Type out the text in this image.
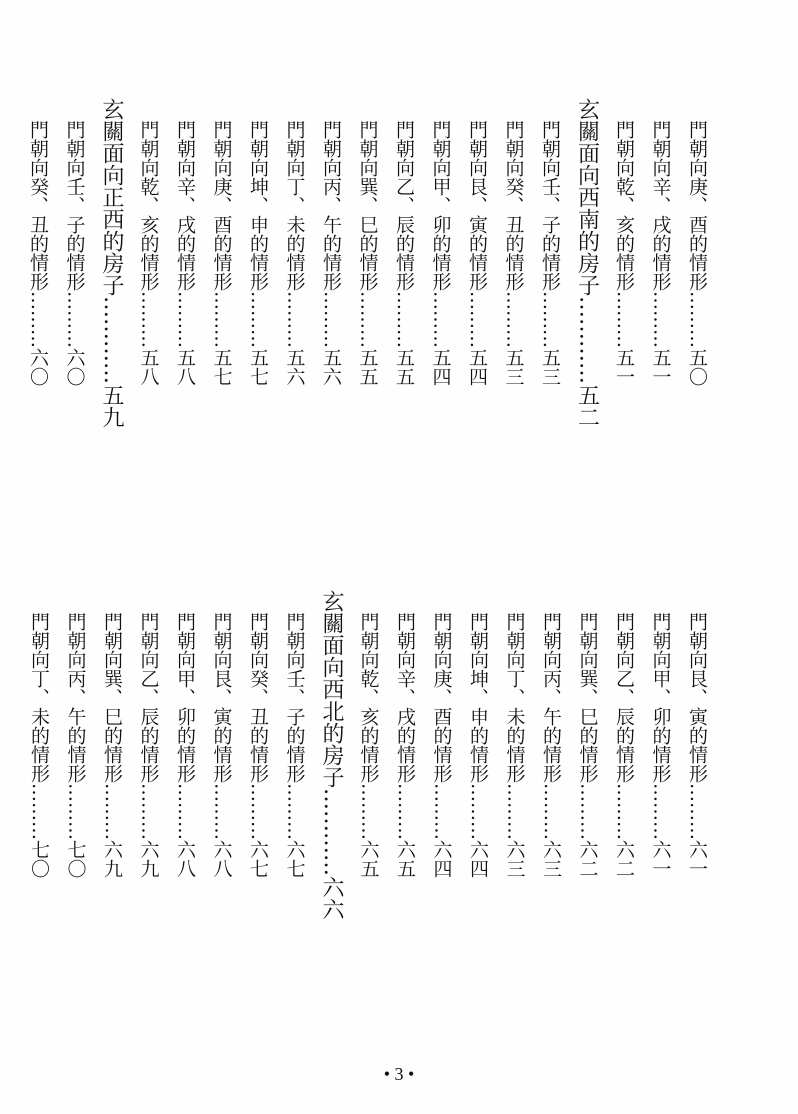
門朝向庚、酉的情形………五〇
門朝向辛、戌的情形………五一
門朝向乾、亥的情形………五一
玄關面向西南的房子…………五二
門朝向壬、子的情形………五三
門朝向癸、丑的情形………五三
門朝向艮、寅的情形………五四
門朝向甲、卯的情形………五四
門朝向乙、辰的情形………五五
門朝向巽、巳的情形………五五
門朝向丙、午的情形………五六
門朝向丁、未的情形………五六
門朝向坤、申的情形………五七
門朝向庚、酉的情形………五七
門朝向辛、戌的情形………五八
門朝向乾、亥的情形………五八
玄關面向正西的房子…………五九
門朝向壬、子的情形………六〇
門朝向癸、丑的情形………六〇
門朝向艮、寅的情形………六一
門朝向甲、卯的情形………六一
門朝向乙、辰的情形………六二
門朝向巽、巳的情形………六二
門朝向丙、午的情形………六三
門朝向丁、未的情形………六三
門朝向坤、申的情形………六四
門朝向庚、酉的情形………六四
門朝向辛、戌的情形………六五
門朝向乾、亥的情形………六五
玄關面向西北的房子…………六六
門朝向壬、子的情形………六七
門朝向癸、丑的情形………六七
門朝向艮、寅的情形………六八
門朝向甲、卯的情形………六八
門朝向乙、辰的情形………六九
門朝向巽、巳的情形………六九
門朝向丙、午的情形………七〇
門朝向丁、未的情形………七〇
• 3 •
